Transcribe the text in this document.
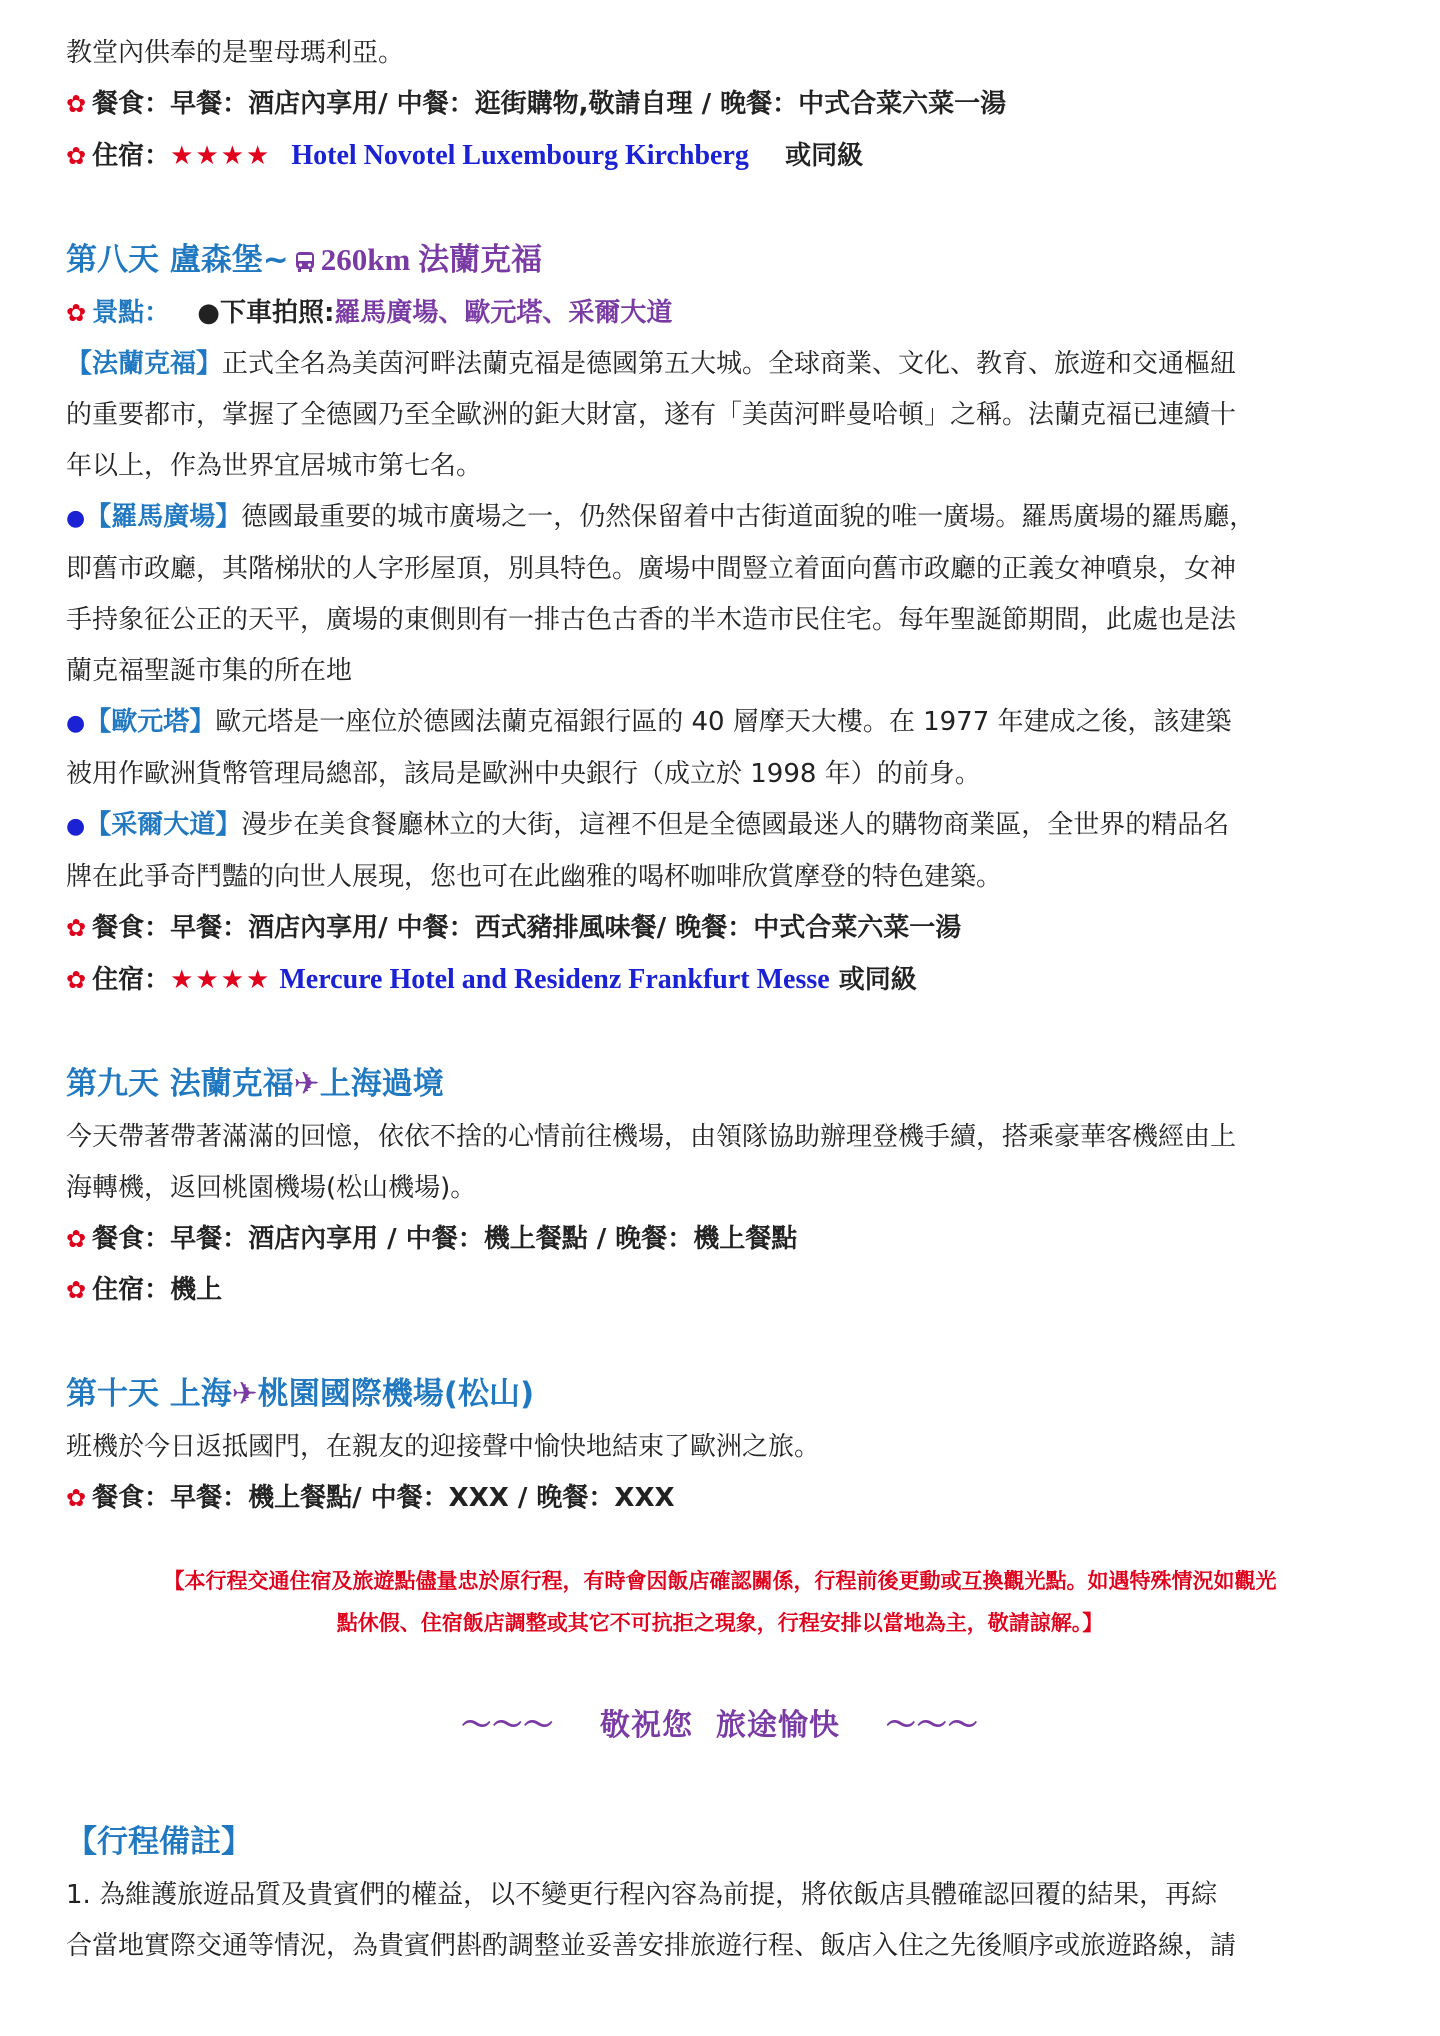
教堂內供奉的是聖母瑪利亞。

✿ 餐食：早餐：酒店內享用/ 中餐：逛街購物,敬請自理 / 晚餐：中式合菜六菜一湯

✿ 住宿：★★★★ Hotel Novotel Luxembourg Kirchberg 或同級

第八天 盧森堡~ 260km 法蘭克福

✿ 景點： ●下車拍照:羅馬廣場、歐元塔、采爾大道

【法蘭克福】正式全名為美茵河畔法蘭克福是德國第五大城。全球商業、文化、教育、旅遊和交通樞紐
的重要都市，掌握了全德國乃至全歐洲的鉅大財富，遂有「美茵河畔曼哈頓」之稱。法蘭克福已連續十
年以上，作為世界宜居城市第七名。

●【羅馬廣場】德國最重要的城市廣場之一，仍然保留着中古街道面貌的唯一廣場。羅馬廣場的羅馬廳，
即舊市政廳，其階梯狀的人字形屋頂，別具特色。廣場中間豎立着面向舊市政廳的正義女神噴泉，女神
手持象征公正的天平，廣場的東側則有一排古色古香的半木造市民住宅。每年聖誕節期間，此處也是法
蘭克福聖誕市集的所在地

●【歐元塔】歐元塔是一座位於德國法蘭克福銀行區的 40 層摩天大樓。在 1977 年建成之後，該建築
被用作歐洲貨幣管理局總部，該局是歐洲中央銀行（成立於 1998 年）的前身。

●【采爾大道】漫步在美食餐廳林立的大街，這裡不但是全德國最迷人的購物商業區，全世界的精品名
牌在此爭奇鬥豔的向世人展現，您也可在此幽雅的喝杯咖啡欣賞摩登的特色建築。

✿ 餐食：早餐：酒店內享用/ 中餐：西式豬排風味餐/ 晚餐：中式合菜六菜一湯

✿ 住宿：★★★★ Mercure Hotel and Residenz Frankfurt Messe 或同級

第九天 法蘭克福✈上海過境

今天帶著帶著滿滿的回憶，依依不捨的心情前往機場，由領隊協助辦理登機手續，搭乘豪華客機經由上
海轉機，返回桃園機場(松山機場)。

✿ 餐食：早餐：酒店內享用 / 中餐：機上餐點 / 晚餐：機上餐點

✿ 住宿：機上

第十天 上海✈桃園國際機場(松山)

班機於今日返抵國門，在親友的迎接聲中愉快地結束了歐洲之旅。

✿ 餐食：早餐：機上餐點/ 中餐：XXX / 晚餐：XXX

【本行程交通住宿及旅遊點儘量忠於原行程，有時會因飯店確認關係，行程前後更動或互換觀光點。如遇特殊情況如觀光
點休假、住宿飯店調整或其它不可抗拒之現象，行程安排以當地為主，敬請諒解。】

～～～    敬祝您  旅途愉快    ～～～

【行程備註】

1. 為維護旅遊品質及貴賓們的權益，以不變更行程內容為前提，將依飯店具體確認回覆的結果，再綜
合當地實際交通等情況，為貴賓們斟酌調整並妥善安排旅遊行程、飯店入住之先後順序或旅遊路線，請
